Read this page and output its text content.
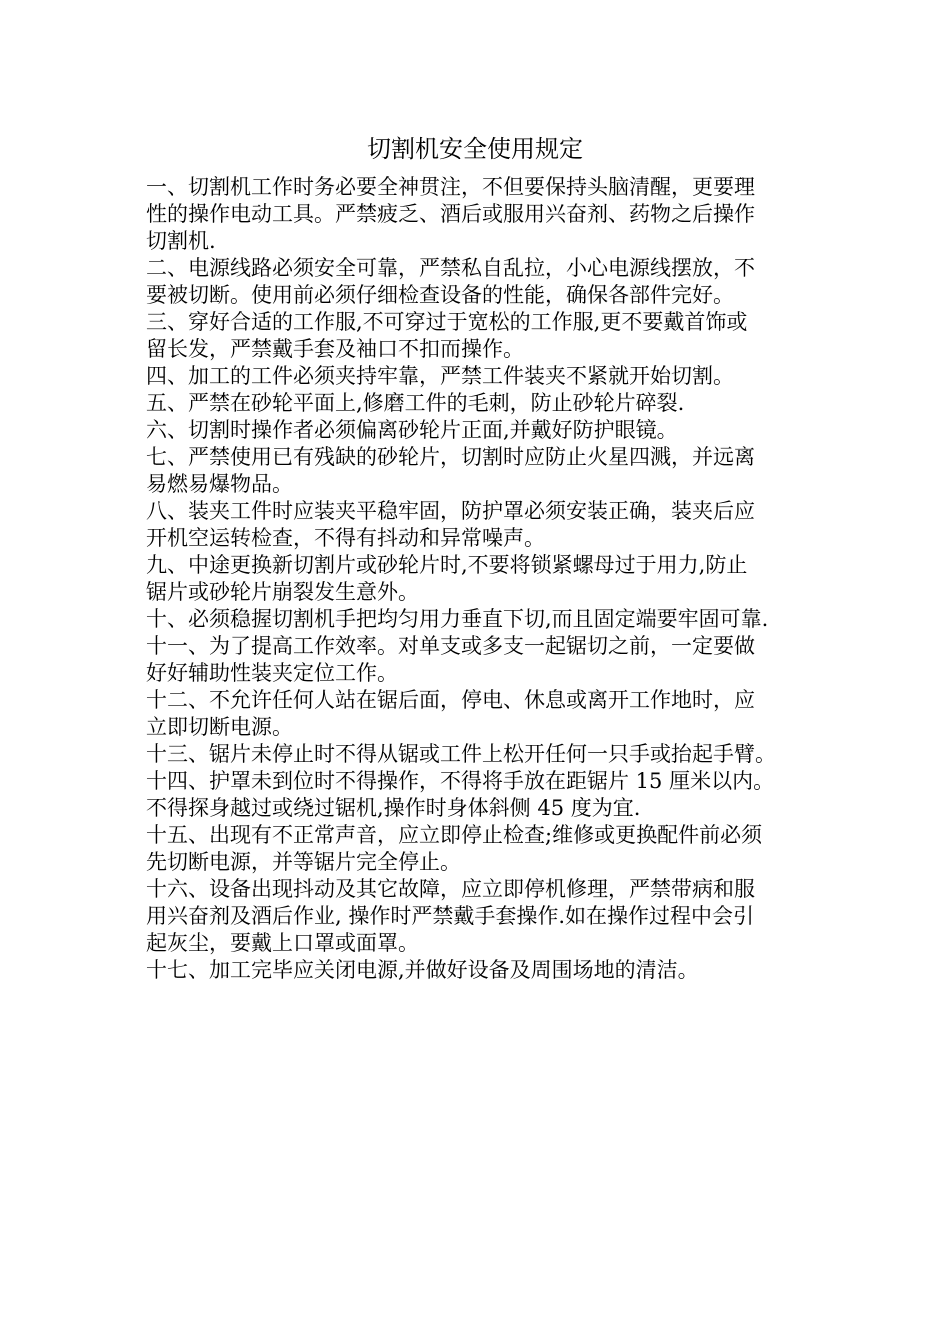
切割机安全使用规定
一、切割机工作时务必要全神贯注，不但要保持头脑清醒，更要理
性的操作电动工具。严禁疲乏、酒后或服用兴奋剂、药物之后操作
切割机.
二、电源线路必须安全可靠，严禁私自乱拉，小心电源线摆放，不
要被切断。使用前必须仔细检查设备的性能，确保各部件完好。
三、穿好合适的工作服,不可穿过于宽松的工作服,更不要戴首饰或
留长发，严禁戴手套及袖口不扣而操作。
四、加工的工件必须夹持牢靠，严禁工件装夹不紧就开始切割。
五、严禁在砂轮平面上,修磨工件的毛刺，防止砂轮片碎裂.
六、切割时操作者必须偏离砂轮片正面,并戴好防护眼镜。
七、严禁使用已有残缺的砂轮片，切割时应防止火星四溅，并远离
易燃易爆物品。
八、装夹工件时应装夹平稳牢固，防护罩必须安装正确，装夹后应
开机空运转检查，不得有抖动和异常噪声。
九、中途更换新切割片或砂轮片时,不要将锁紧螺母过于用力,防止
锯片或砂轮片崩裂发生意外。
十、必须稳握切割机手把均匀用力垂直下切,而且固定端要牢固可靠.
十一、为了提高工作效率。对单支或多支一起锯切之前，一定要做
好好辅助性装夹定位工作。
十二、不允许任何人站在锯后面，停电、休息或离开工作地时，应
立即切断电源。
十三、锯片未停止时不得从锯或工件上松开任何一只手或抬起手臂。
十四、护罩未到位时不得操作，不得将手放在距锯片 15 厘米以内。
不得探身越过或绕过锯机,操作时身体斜侧 45 度为宜.
十五、出现有不正常声音，应立即停止检查;维修或更换配件前必须
先切断电源，并等锯片完全停止。
十六、设备出现抖动及其它故障，应立即停机修理，严禁带病和服
用兴奋剂及酒后作业, 操作时严禁戴手套操作.如在操作过程中会引
起灰尘，要戴上口罩或面罩。
十七、加工完毕应关闭电源,并做好设备及周围场地的清洁。
